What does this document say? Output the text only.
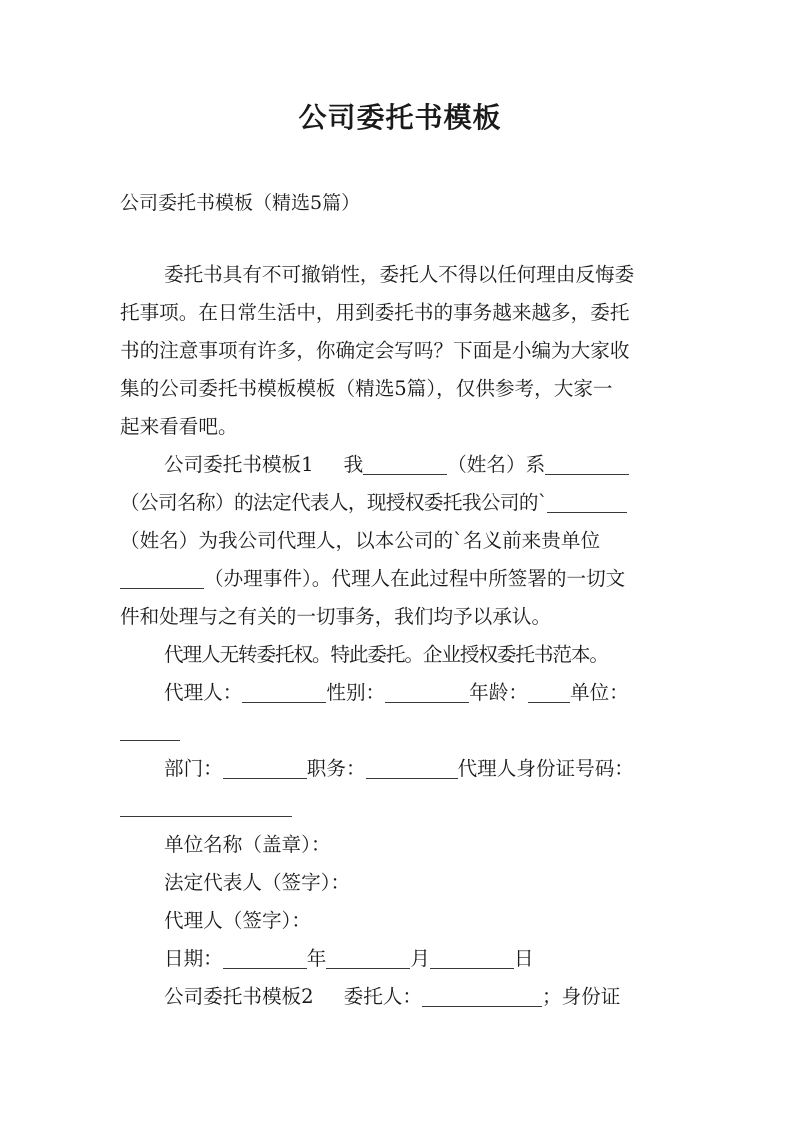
公司委托书模板
公司委托书模板（精选5篇）
委托书具有不可撤销性，委托人不得以任何理由反悔委
托事项。在日常生活中，用到委托书的事务越来越多，委托
书的注意事项有许多，你确定会写吗？下面是小编为大家收
集的公司委托书模板模板（精选5篇），仅供参考，大家一
起来看看吧。
公司委托书模板1 我	（姓名）系
（公司名称）的法定代表人，现授权委托我公司的`
（姓名）为我公司代理人，以本公司的`名义前来贵单位
（办理事件）。代理人在此过程中所签署的一切文
件和处理与之有关的一切事务，我们均予以承认。
代理人无转委托权。特此委托。企业授权委托书范本。
代理人：	性别：	年龄： 单位：
部门：	职务：	代理人身份证号码：
单位名称（盖章）：
法定代表人（签字）：
代理人（签字）：
日期：	年	月	日
公司委托书模板2 委托人：	；身份证
